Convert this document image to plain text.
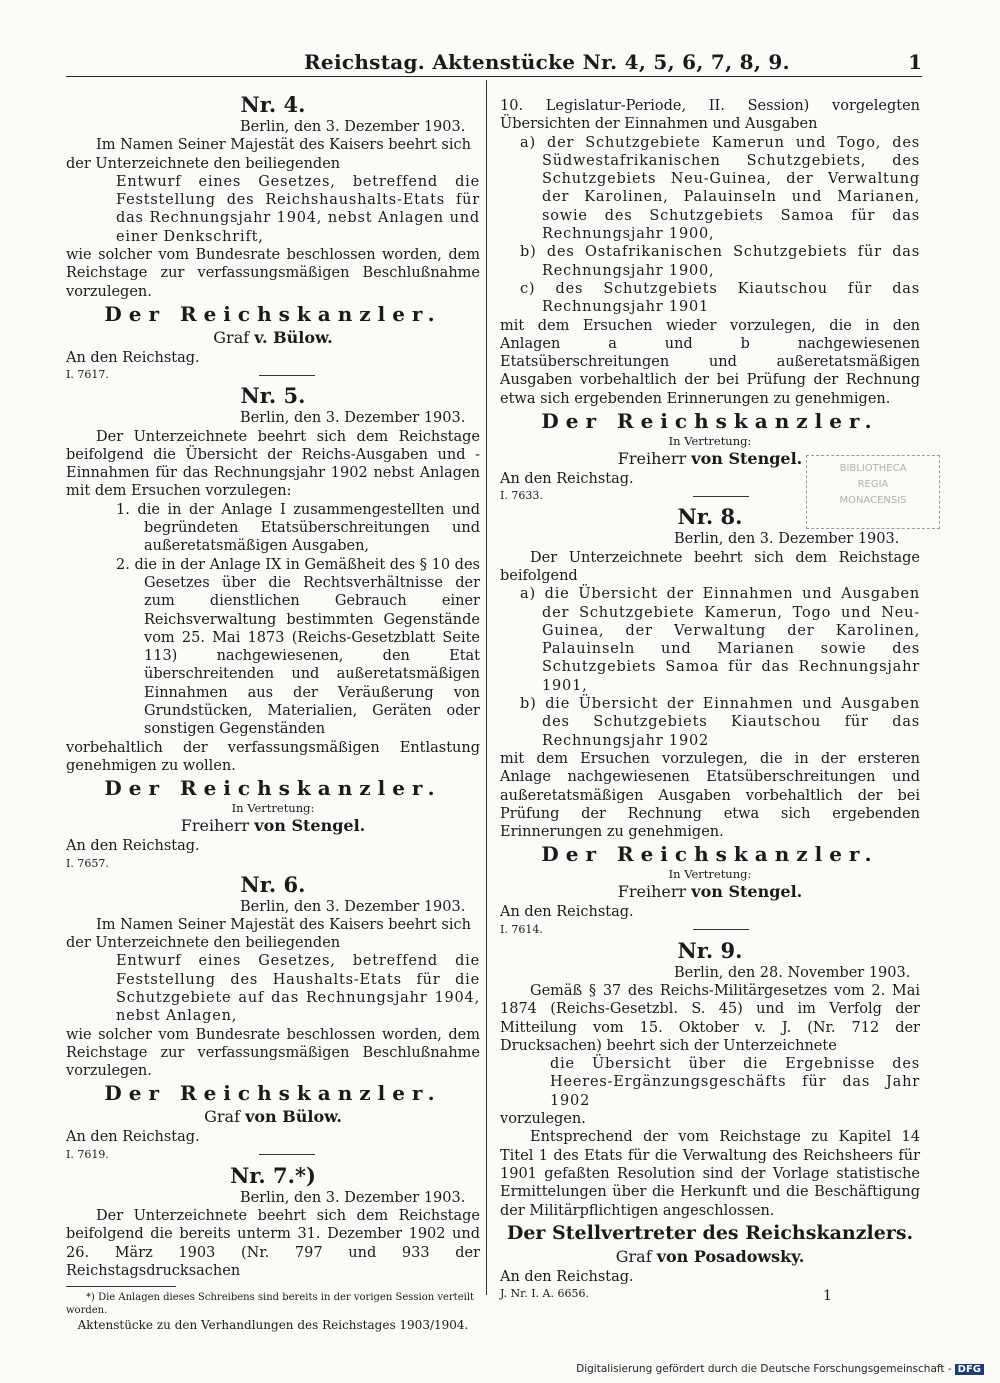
Reichstag. Aktenstücke Nr. 4, 5, 6, 7, 8, 9.	1

Nr. 4.

Berlin, den 3. Dezember 1903.

Im Namen Seiner Majestät des Kaisers beehrt sich

der Unterzeichnete den beiliegenden

Entwurf eines Gesetzes, betreffend die Feststellung des Reichshaushalts-Etats für das Rechnungsjahr 1904, nebst Anlagen und einer Denkschrift,

wie solcher vom Bundesrate beschlossen worden, dem Reichstage zur verfassungsmäßigen Beschlußnahme vorzulegen.

Der Reichskanzler.

Graf v. Bülow.

An den Reichstag.

I. 7617.

Nr. 5.

Berlin, den 3. Dezember 1903.

Der Unterzeichnete beehrt sich dem Reichstage beifolgend die Übersicht der Reichs-Ausgaben und -Einnahmen für das Rechnungsjahr 1902 nebst Anlagen mit dem Ersuchen vorzulegen:

1. die in der Anlage I zusammengestellten und begründeten Etatsüberschreitungen und außeretatsmäßigen Ausgaben,

2. die in der Anlage IX in Gemäßheit des § 10 des Gesetzes über die Rechtsverhältnisse der zum dienstlichen Gebrauch einer Reichsverwaltung bestimmten Gegenstände vom 25. Mai 1873 (Reichs-Gesetzblatt Seite 113) nachgewiesenen, den Etat überschreitenden und außeretatsmäßigen Einnahmen aus der Veräußerung von Grundstücken, Materialien, Geräten oder sonstigen Gegenständen

vorbehaltlich der verfassungsmäßigen Entlastung genehmigen zu wollen.

Der Reichskanzler.

In Vertretung:

Freiherr von Stengel.

An den Reichstag.

I. 7657.

Nr. 6.

Berlin, den 3. Dezember 1903.

Im Namen Seiner Majestät des Kaisers beehrt sich

der Unterzeichnete den beiliegenden

Entwurf eines Gesetzes, betreffend die Feststellung des Haushalts-Etats für die Schutzgebiete auf das Rechnungsjahr 1904, nebst Anlagen,

wie solcher vom Bundesrate beschlossen worden, dem Reichstage zur verfassungsmäßigen Beschlußnahme vorzulegen.

Der Reichskanzler.

Graf von Bülow.

An den Reichstag.

I. 7619.

Nr. 7.*)

Berlin, den 3. Dezember 1903.

Der Unterzeichnete beehrt sich dem Reichstage beifolgend die bereits unterm 31. Dezember 1902 und 26. März 1903 (Nr. 797 und 933 der Reichstagsdrucksachen

*) Die Anlagen dieses Schreibens sind bereits in der vorigen Session verteilt worden.

Aktenstücke zu den Verhandlungen des Reichstages 1903/1904.

10. Legislatur-Periode, II. Session) vorgelegten Übersichten der Einnahmen und Ausgaben

a) der Schutzgebiete Kamerun und Togo, des Südwestafrikanischen Schutzgebiets, des Schutzgebiets Neu-Guinea, der Verwaltung der Karolinen, Palauinseln und Marianen, sowie des Schutzgebiets Samoa für das Rechnungsjahr 1900,

b) des Ostafrikanischen Schutzgebiets für das Rechnungsjahr 1900,

c) des Schutzgebiets Kiautschou für das Rechnungsjahr 1901

mit dem Ersuchen wieder vorzulegen, die in den Anlagen a und b nachgewiesenen Etatsüberschreitungen und außeretatsmäßigen Ausgaben vorbehaltlich der bei Prüfung der Rechnung etwa sich ergebenden Erinnerungen zu genehmigen.

Der Reichskanzler.

In Vertretung:

Freiherr von Stengel.

An den Reichstag.

I. 7633.

Nr. 8.

Berlin, den 3. Dezember 1903.

Der Unterzeichnete beehrt sich dem Reichstage beifolgend

a) die Übersicht der Einnahmen und Ausgaben der Schutzgebiete Kamerun, Togo und Neu-Guinea, der Verwaltung der Karolinen, Palauinseln und Marianen sowie des Schutzgebiets Samoa für das Rechnungsjahr 1901,

b) die Übersicht der Einnahmen und Ausgaben des Schutzgebiets Kiautschou für das Rechnungsjahr 1902

mit dem Ersuchen vorzulegen, die in der ersteren Anlage nachgewiesenen Etatsüberschreitungen und außeretatsmäßigen Ausgaben vorbehaltlich der bei Prüfung der Rechnung etwa sich ergebenden Erinnerungen zu genehmigen.

Der Reichskanzler.

In Vertretung:

Freiherr von Stengel.

An den Reichstag.

I. 7614.

Nr. 9.

Berlin, den 28. November 1903.

Gemäß § 37 des Reichs-Militärgesetzes vom 2. Mai 1874 (Reichs-Gesetzbl. S. 45) und im Verfolg der Mitteilung vom 15. Oktober v. J. (Nr. 712 der Drucksachen) beehrt sich der Unterzeichnete

die Übersicht über die Ergebnisse des Heeres-Ergänzungsgeschäfts für das Jahr 1902

vorzulegen.

Entsprechend der vom Reichstage zu Kapitel 14 Titel 1 des Etats für die Verwaltung des Reichsheers für 1901 gefaßten Resolution sind der Vorlage statistische Ermittelungen über die Herkunft und die Beschäftigung der Militärpflichtigen angeschlossen.

Der Stellvertreter des Reichskanzlers.

Graf von Posadowsky.

An den Reichstag.

J. Nr. I. A. 6656.

BIBLIOTHECA
REGIA
MONACENSIS
1
Digitalisierung gefördert durch die Deutsche Forschungsgemeinschaft - DFG
